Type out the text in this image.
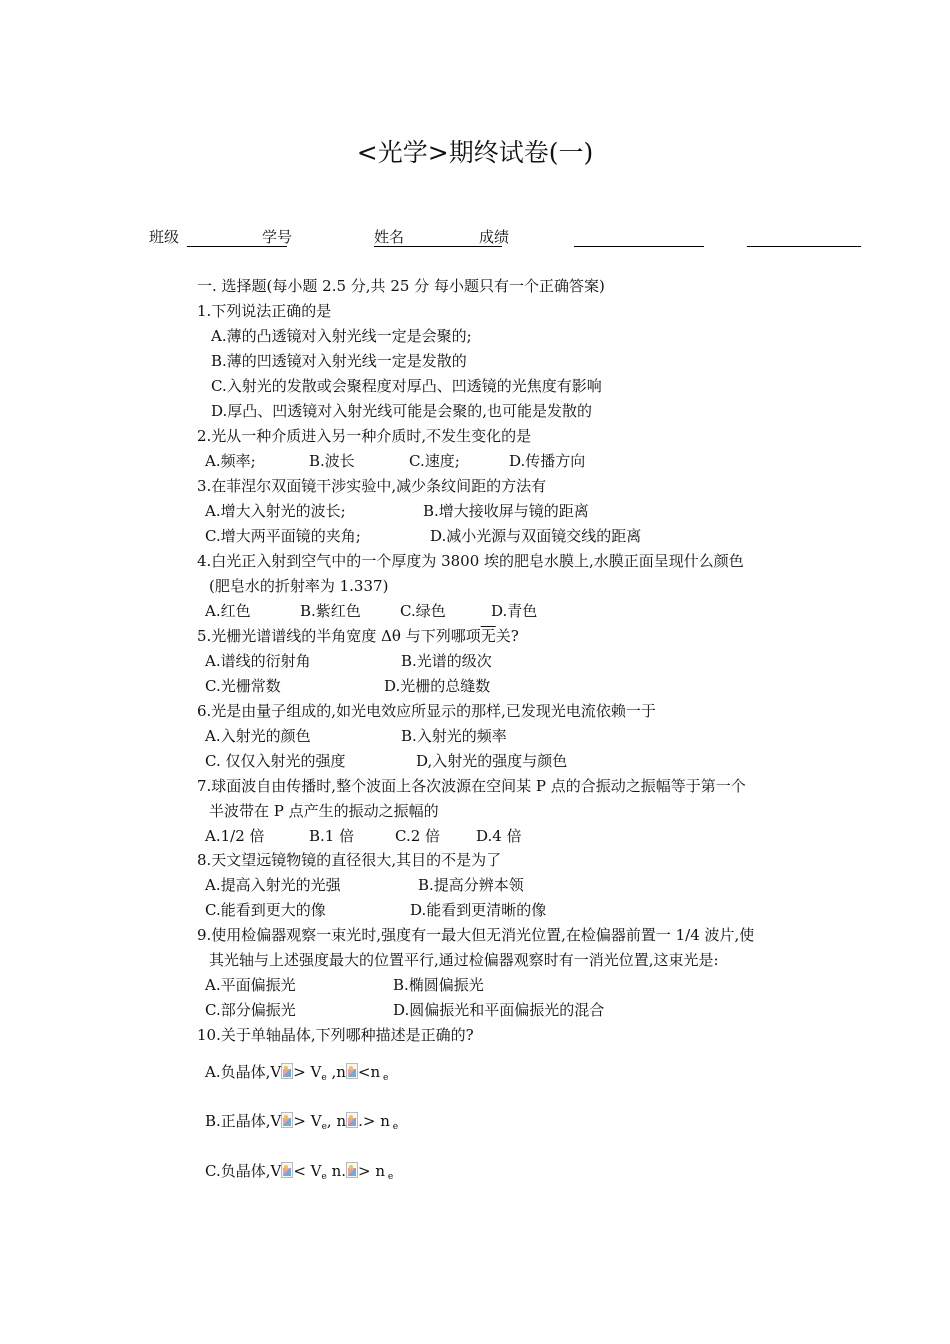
<光学>期终试卷(一)
班级	学号	姓名	成绩
一. 选择题(每小题 2.5 分,共 25 分 每小题只有一个正确答案)
1.下列说法正确的是
A.薄的凸透镜对入射光线一定是会聚的;
B.薄的凹透镜对入射光线一定是发散的
C.入射光的发散或会聚程度对厚凸、凹透镜的光焦度有影响
D.厚凸、凹透镜对入射光线可能是会聚的,也可能是发散的
2.光从一种介质进入另一种介质时,不发生变化的是
A.频率;	B.波长	C.速度;	D.传播方向
3.在菲涅尔双面镜干涉实验中,减少条纹间距的方法有
A.增大入射光的波长;	B.增大接收屏与镜的距离
C.增大两平面镜的夹角;	D.减小光源与双面镜交线的距离
4.白光正入射到空气中的一个厚度为 3800 埃的肥皂水膜上,水膜正面呈现什么颜色
(肥皂水的折射率为 1.337)
A.红色	B.紫红色	C.绿色	D.青色
5.光栅光谱谱线的半角宽度 Δθ 与下列哪项无关?
A.谱线的衍射角	B.光谱的级次
C.光栅常数	D.光栅的总缝数
6.光是由量子组成的,如光电效应所显示的那样,已发现光电流依赖一于
A.入射光的颜色	B.入射光的频率
C. 仅仅入射光的强度	D,入射光的强度与颜色
7.球面波自由传播时,整个波面上各次波源在空间某 P 点的合振动之振幅等于第一个
半波带在 P 点产生的振动之振幅的
A.1/2 倍	B.1 倍	C.2 倍 D.4 倍
8.天文望远镜物镜的直径很大,其目的不是为了
A.提高入射光的光强	B.提高分辨本领
C.能看到更大的像	D.能看到更清晰的像
9.使用检偏器观察一束光时,强度有一最大但无消光位置,在检偏器前置一 1/4 波片,使
其光轴与上述强度最大的位置平行,通过检偏器观察时有一消光位置,这束光是:
A.平面偏振光	B.椭圆偏振光
C.部分偏振光	D.圆偏振光和平面偏振光的混合
10.关于单轴晶体,下列哪种描述是正确的?
A.负晶体$,V > V_e$ ,n <n $_e$
B.正晶体$,V > V_e$, n .> n $_e$
C.负晶体$,V < V_e$ n. > n $_e$
